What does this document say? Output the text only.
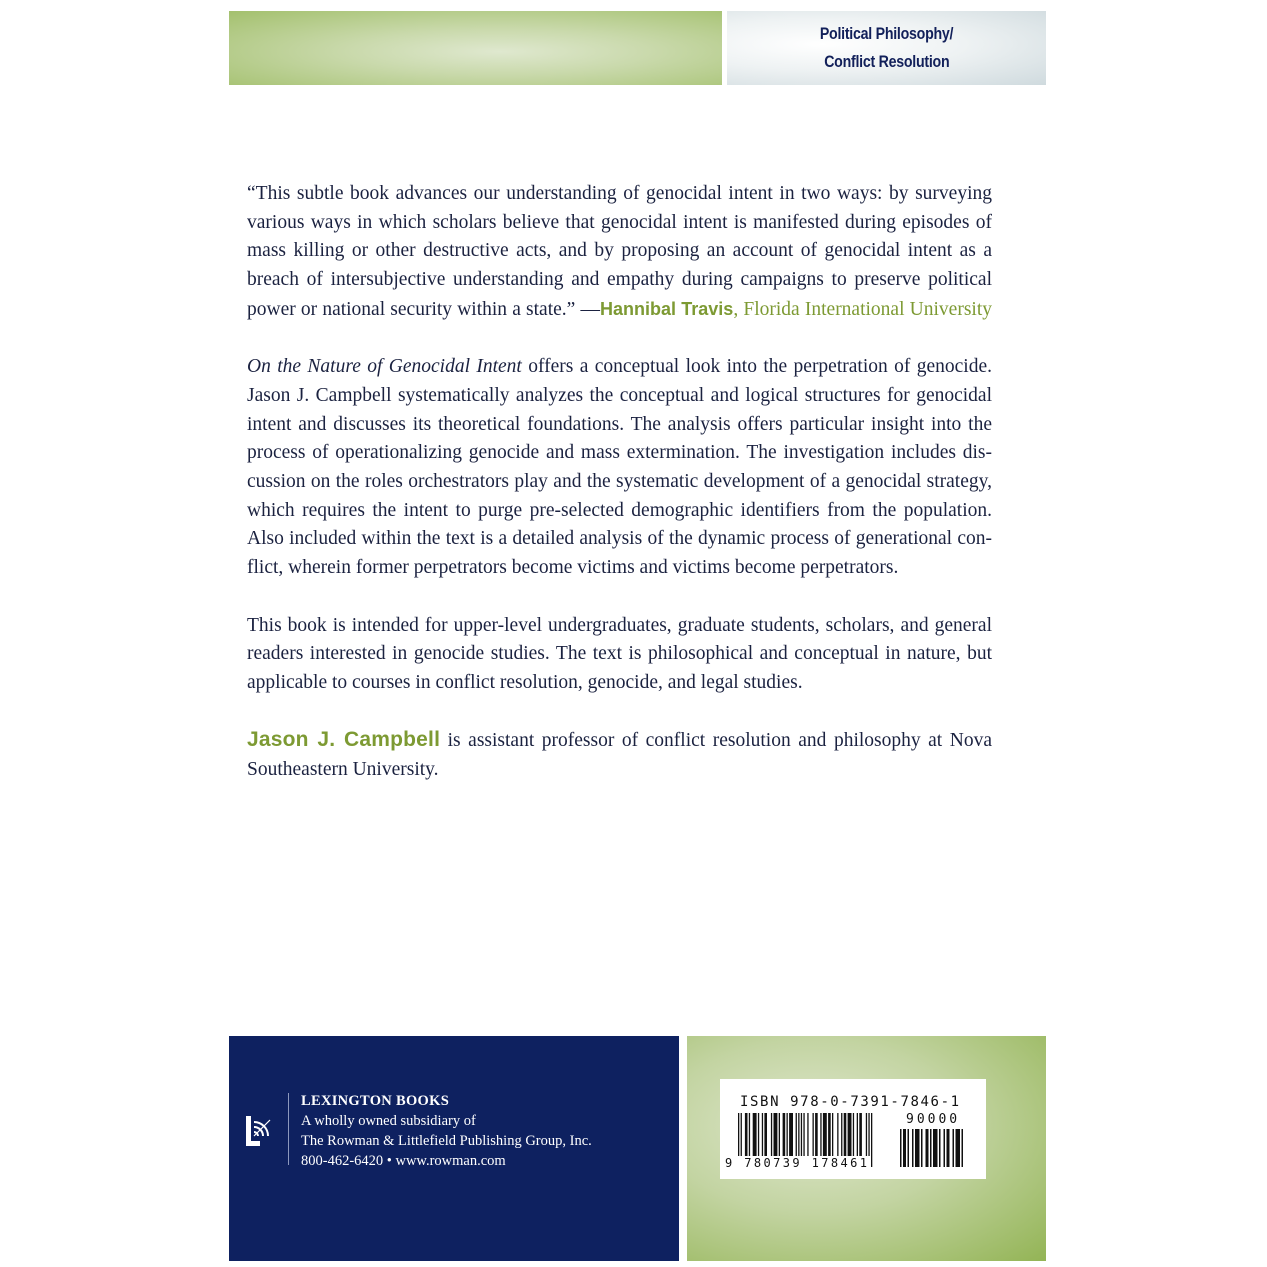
Political Philosophy/
Conflict Resolution
“This subtle book advances our understanding of genocidal intent in two ways: by surveying
various ways in which scholars believe that genocidal intent is manifested during episodes of
mass killing or other destructive acts, and by proposing an account of genocidal intent as a
breach of intersubjective understanding and empathy during campaigns to preserve political
power or national security within a state.” —Hannibal Travis, Florida International University
On the Nature of Genocidal Intent offers a conceptual look into the perpetration of genocide.
Jason J. Campbell systematically analyzes the conceptual and logical structures for genocidal
intent and discusses its theoretical foundations. The analysis offers particular insight into the
process of operationalizing genocide and mass extermination. The investigation includes dis-
cussion on the roles orchestrators play and the systematic development of a genocidal strategy,
which requires the intent to purge pre-selected demographic identifiers from the population.
Also included within the text is a detailed analysis of the dynamic process of generational con-
flict, wherein former perpetrators become victims and victims become perpetrators.
This book is intended for upper-level undergraduates, graduate students, scholars, and general
readers interested in genocide studies. The text is philosophical and conceptual in nature, but
applicable to courses in conflict resolution, genocide, and legal studies.
Jason J. Campbell is assistant professor of conflict resolution and philosophy at Nova
Southeastern University.
LEXINGTON BOOKS
A wholly owned subsidiary of
The Rowman & Littlefield Publishing Group, Inc.
800-462-6420 • www.rowman.com
ISBN 978-0-7391-7846-1
90000
9 780739 178461
